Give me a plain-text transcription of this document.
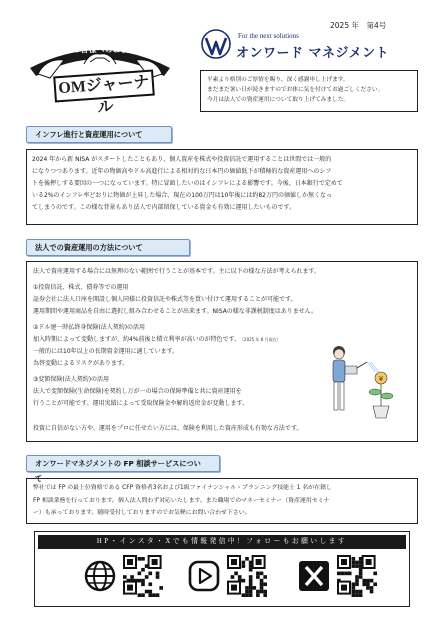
2025 年　第4号
中小企業の皆様へのお役立ち情報
OMジャーナル
For the next solutions
オンワード マネジメント
平素より格別のご厚情を賜り、深く感謝申し上げます。
まだまだ暑い日が続きますのでお体に気を付けてお過ごしください。
今月は法人での資産運用について取り上げてみました。
インフレ進行と資産運用について
2024 年から新 NISA がスタートしたこともあり、個人資産を株式や投資信託で運用することは世間では一般的
になりつつあります。近年の物価高やドル高進行による相対的な日本円の価値低下が積極的な資産運用へのシフ
トを後押しする要因の一つになっています。特に冒頭したいのはインフレによる影響です。今後、日本銀行で定めて
いる2%のインフレ率どおりに物価が上昇した場合、現在の100万円は10年後には約82万円の価値しか無くなっ
てしまうのです。この様な背景もあり法人で内部留保している資金も有効に運用したいものです。
法人での資産運用の方法について

法人で資産運用する場合には無理のない範囲で行うことが基本です。主に以下の様な方法が考えられます。

①投資信託、株式、債券等での運用

証券会社に法人口座を開設し個人同様に投資信託や株式等を買い付けて運用することが可能です。

運用期間や運用商品を自由に選択し組み合わせることが出来ます。NISAの様な非課税制度はありません。

②ドル建一時払終身保険(法人契約)の活用

加入時期によって変動しますが、約4%前後と積立利率が高いのが特色です。（2025 年 8 月現在）

一般的には10年以上の長期資金運用に適しています。

為替変動によるリスクがあります。

③変額保険(法人契約)の活用

法人で変額保険(生命保険)を契約し万が一の場合の保障準備と共に資産運用を

行うことが可能です。運用実績によって受取保険金や解約返戻金が変動します。

投資に自信がない方や、運用をプロに任せたい方には、保険を利用した資産形成も有効な方法です。

¥
オンワードマネジメントの FP 相談サービスについて
弊社では FP の最上位資格である CFP 資格者3名および1級ファイナンシャル・プランニング技能士 1 名が在籍し
FP 相談業務を行っております。個人法人問わず対応いたします。また職場でのマネーセミナー（資産運用セミナ
ー）も承っております。随時受付しておりますのでお気軽にお問い合わせ下さい。
HP・インスタ・Xでも情報発信中！フォローもお願いします
